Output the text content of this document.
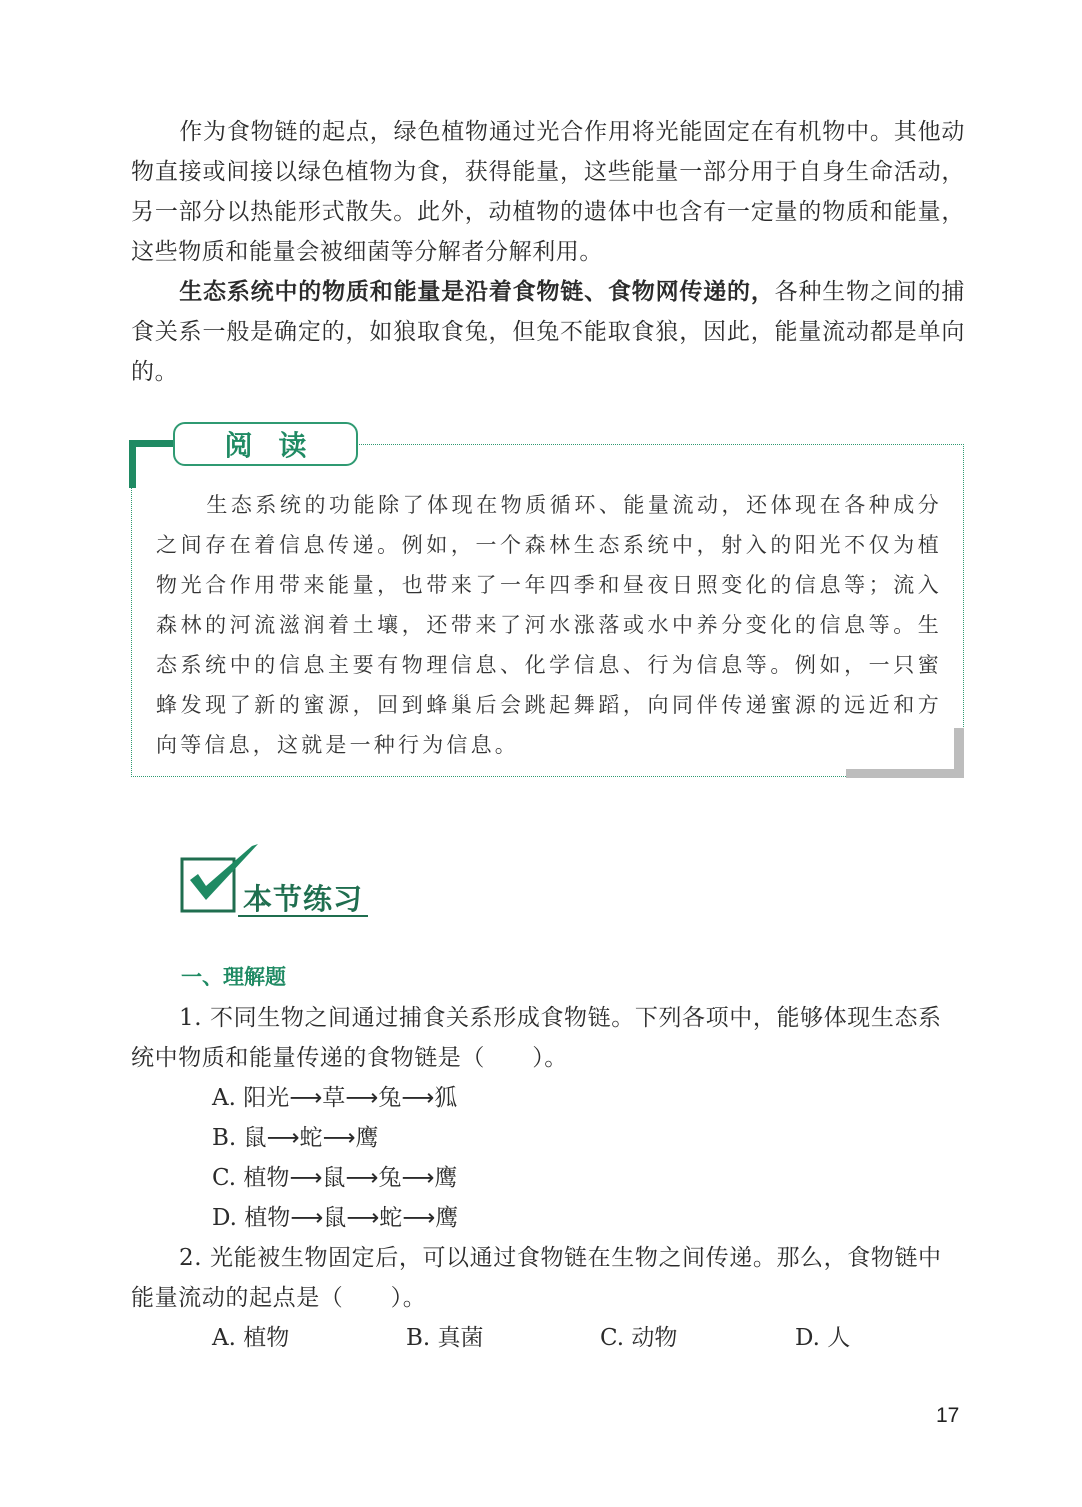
作为食物链的起点，绿色植物通过光合作用将光能固定在有机物中。其他动物直接或间接以绿色植物为食，获得能量，这些能量一部分用于自身生命活动，另一部分以热能形式散失。此外，动植物的遗体中也含有一定量的物质和能量，这些物质和能量会被细菌等分解者分解利用。

生态系统中的物质和能量是沿着食物链、食物网传递的，各种生物之间的捕食关系一般是确定的，如狼取食兔，但兔不能取食狼，因此，能量流动都是单向的。

阅读

生态系统的功能除了体现在物质循环、能量流动，还体现在各种成分之间存在着信息传递。例如，一个森林生态系统中，射入的阳光不仅为植物光合作用带来能量，也带来了一年四季和昼夜日照变化的信息等；流入森林的河流滋润着土壤，还带来了河水涨落或水中养分变化的信息等。生态系统中的信息主要有物理信息、化学信息、行为信息等。例如，一只蜜蜂发现了新的蜜源，回到蜂巢后会跳起舞蹈，向同伴传递蜜源的远近和方向等信息，这就是一种行为信息。

本节练习
一、理解题

1. 不同生物之间通过捕食关系形成食物链。下列各项中，能够体现生态系统中物质和能量传递的食物链是（　　）。

A. 阳光⟶草⟶兔⟶狐

B. 鼠⟶蛇⟶鹰

C. 植物⟶鼠⟶兔⟶鹰

D. 植物⟶鼠⟶蛇⟶鹰

2. 光能被生物固定后，可以通过食物链在生物之间传递。那么，食物链中能量流动的起点是（　　）。

A. 植物	B. 真菌	C. 动物	D. 人

17
